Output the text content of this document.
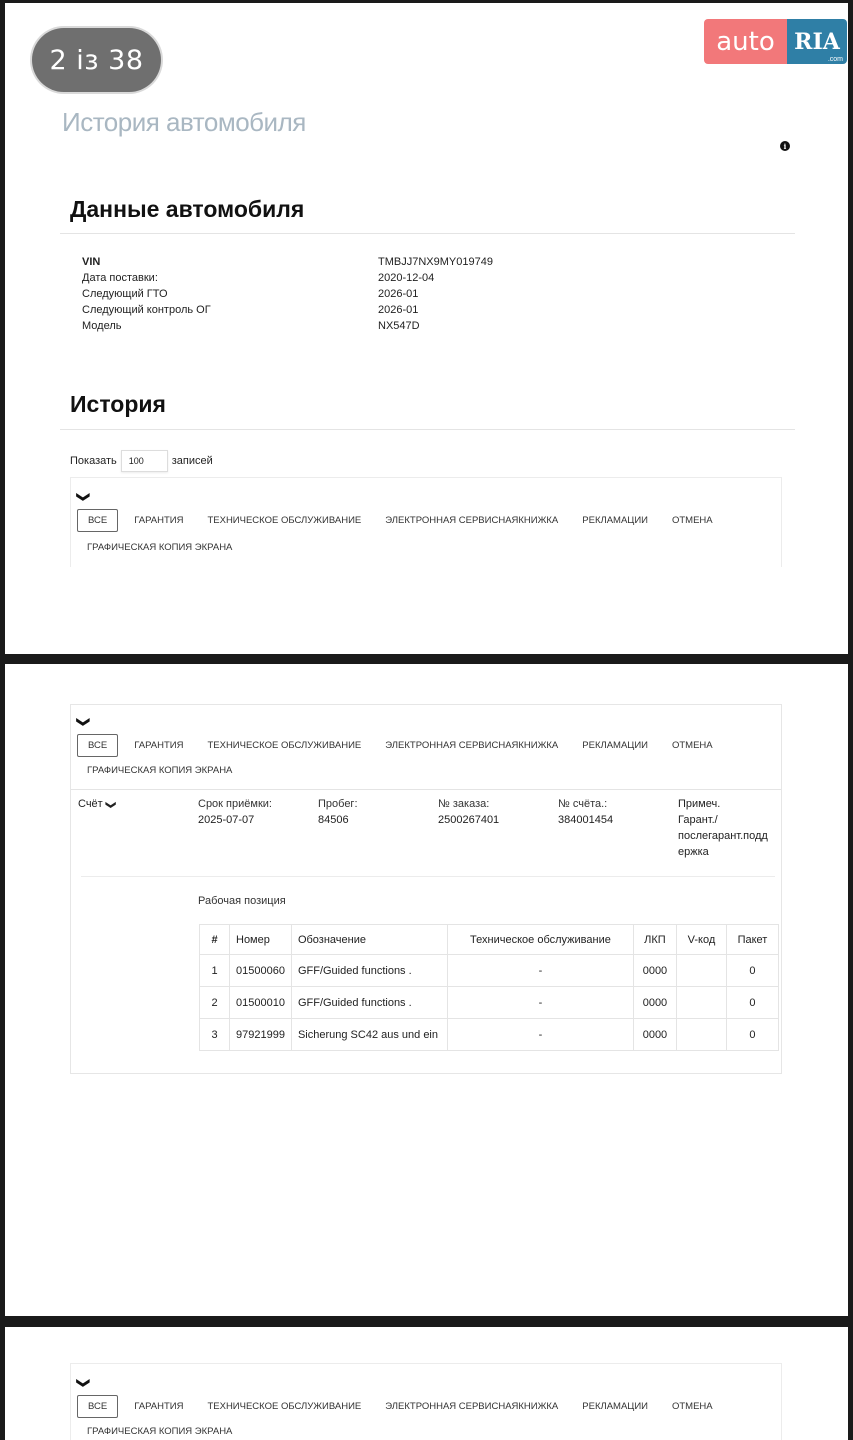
2 із 38
auto RIA
.com
История автомобиля
i
Данные автомобиля
VIN	TMBJJ7NX9MY019749
Дата поставки:	2020-12-04
Следующий ГТО	2026-01
Следующий контроль ОГ	2026-01
Модель	NX547D
История
Показать	100	записей
❯
ВСЕ	ГАРАНТИЯ	ТЕХНИЧЕСКОЕ ОБСЛУЖИВАНИЕ	ЭЛЕКТРОННАЯ СЕРВИСНАЯКНИЖКА	РЕКЛАМАЦИИ	ОТМЕНА
ГРАФИЧЕСКАЯ КОПИЯ ЭКРАНА
❯
ВСЕ	ГАРАНТИЯ	ТЕХНИЧЕСКОЕ ОБСЛУЖИВАНИЕ	ЭЛЕКТРОННАЯ СЕРВИСНАЯКНИЖКА	РЕКЛАМАЦИИ	ОТМЕНА
ГРАФИЧЕСКАЯ КОПИЯ ЭКРАНА
Счёт ❯	Срок приёмки:
2025-07-07
Пробег:
84506
№ заказа:
2500267401
№ счёта.:
384001454
Примеч.
Гарант./
послегарант.подд
ержка
Рабочая позиция
#	Номер	Обозначение	Техническое обслуживание	ЛКП	V-код	Пакет
1	01500060	GFF/Guided functions .	-	0000		0
2	01500010	GFF/Guided functions .	-	0000		0
3	97921999	Sicherung SC42 aus und ein	-	0000		0
❯
ВСЕ	ГАРАНТИЯ	ТЕХНИЧЕСКОЕ ОБСЛУЖИВАНИЕ	ЭЛЕКТРОННАЯ СЕРВИСНАЯКНИЖКА	РЕКЛАМАЦИИ	ОТМЕНА
ГРАФИЧЕСКАЯ КОПИЯ ЭКРАНА
